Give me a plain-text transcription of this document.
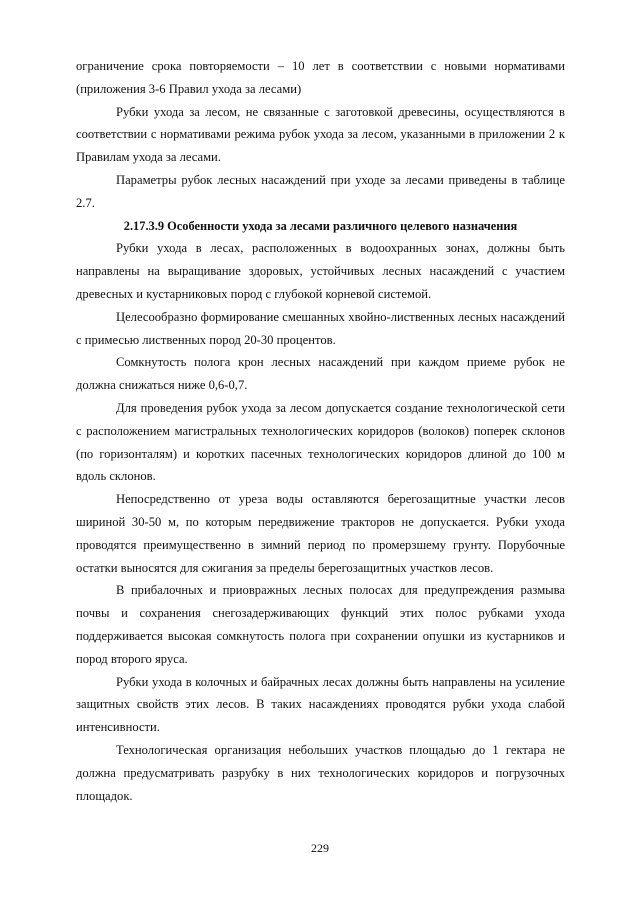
ограничение срока повторяемости – 10 лет в соответствии с новыми нормативами (приложения 3-6 Правил ухода за лесами)

Рубки ухода за лесом, не связанные с заготовкой древесины, осуществляются в соответствии с нормативами режима рубок ухода за лесом, указанными в приложении 2 к Правилам ухода за лесами.

Параметры рубок лесных насаждений при уходе за лесами приведены в таблице 2.7.

2.17.3.9 Особенности ухода за лесами различного целевого назначения

Рубки ухода в лесах, расположенных в водоохранных зонах, должны быть направлены на выращивание здоровых, устойчивых лесных насаждений с участием древесных и кустарниковых пород с глубокой корневой системой.

Целесообразно формирование смешанных хвойно-лиственных лесных насаждений с примесью лиственных пород 20-30 процентов.

Сомкнутость полога крон лесных насаждений при каждом приеме рубок не должна снижаться ниже 0,6-0,7.

Для проведения рубок ухода за лесом допускается создание технологической сети с расположением магистральных технологических коридоров (волоков) поперек склонов (по горизонталям) и коротких пасечных технологических коридоров длиной до 100 м вдоль склонов.

Непосредственно от уреза воды оставляются берегозащитные участки лесов шириной 30-50 м, по которым передвижение тракторов не допускается. Рубки ухода проводятся преимущественно в зимний период по промерзшему грунту. Порубочные остатки выносятся для сжигания за пределы берегозащитных участков лесов.

В прибалочных и приовражных лесных полосах для предупреждения размыва почвы и сохранения снегозадерживающих функций этих полос рубками ухода поддерживается высокая сомкнутость полога при сохранении опушки из кустарников и пород второго яруса.

Рубки ухода в колочных и байрачных лесах должны быть направлены на усиление защитных свойств этих лесов. В таких насаждениях проводятся рубки ухода слабой интенсивности.

Технологическая организация небольших участков площадью до 1 гектара не должна предусматривать разрубку в них технологических коридоров и погрузочных площадок.

229
